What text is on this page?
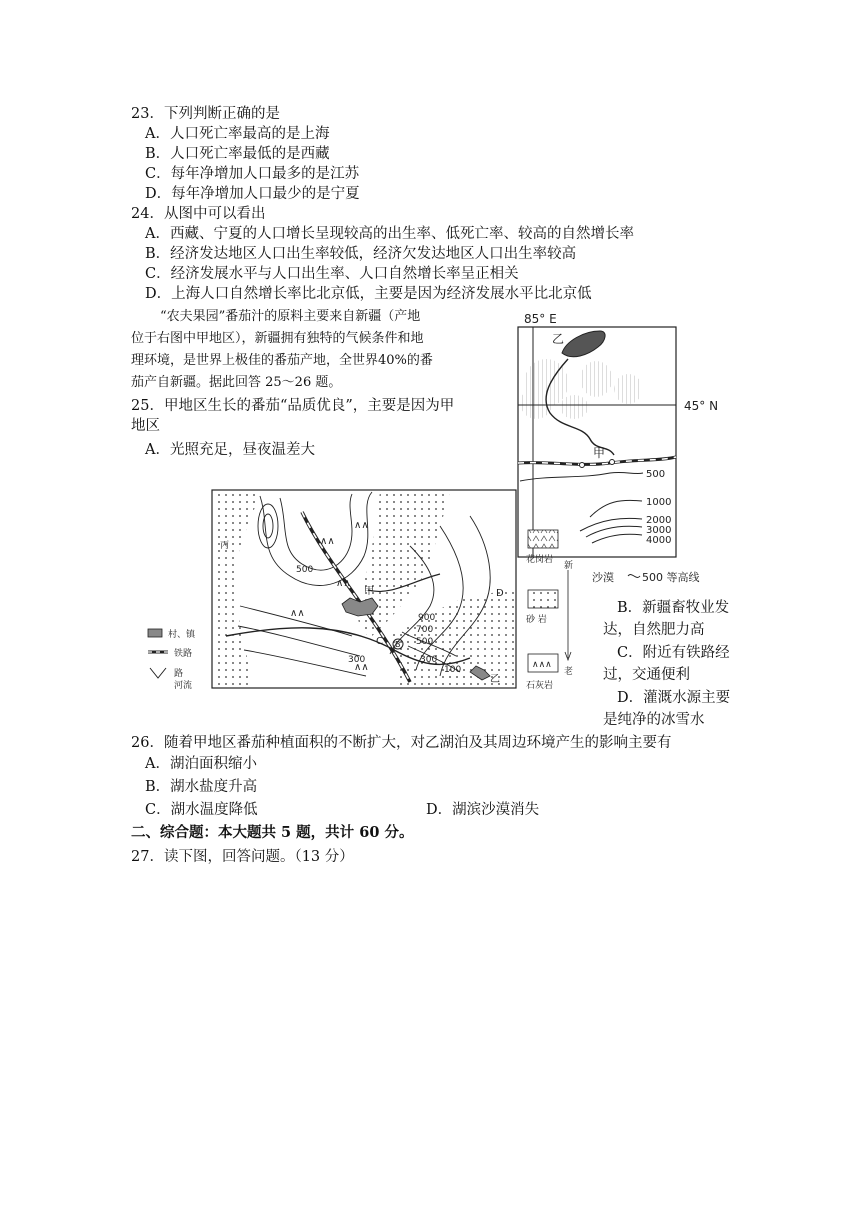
23．下列判断正确的是
A．人口死亡率最高的是上海
B．人口死亡率最低的是西藏
C．每年净增加人口最多的是江苏
D．每年净增加人口最少的是宁夏
24．从图中可以看出
A．西藏、宁夏的人口增长呈现较高的出生率、低死亡率、较高的自然增长率
B．经济发达地区人口出生率较低，经济欠发达地区人口出生率较高
C．经济发展水平与人口出生率、人口自然增长率呈正相关
D．上海人口自然增长率比北京低，主要是因为经济发展水平比北京低
“农夫果园”番茄汁的原料主要来自新疆（产地
位于右图中甲地区），新疆拥有独特的气候条件和地
理环境，是世界上极佳的番茄产地，全世界40%的番
茄产自新疆。据此回答 25～26 题。
25．甲地区生长的番茄“品质优良”，主要是因为甲
地区
A．光照充足，昼夜温差大
B．新疆畜牧业发
达，自然肥力高
C．附近有铁路经
过，交通便利
D．灌溉水源主要
是纯净的冰雪水
26．随着甲地区番茄种植面积的不断扩大，对乙湖泊及其周边环境产生的影响主要有
A．湖泊面积缩小
B．湖水盐度升高
C．湖水温度降低	D．湖滨沙漠消失
二、综合题：本大题共 5 题，共计 60 分。
27．读下图，回答问题。（13 分）
85° E
45° N
乙
甲
500
1000
2000
3000
4000
沙漠	500 等高线
甲
乙
C B
D
丙
500
300
900
700
500
300
100
村、镇
铁路
路
河流
花岗岩
砂 岩
∧∧∧
石灰岩
新
老
∧∧
∧∧
∧∧
∧∧
∧∧
